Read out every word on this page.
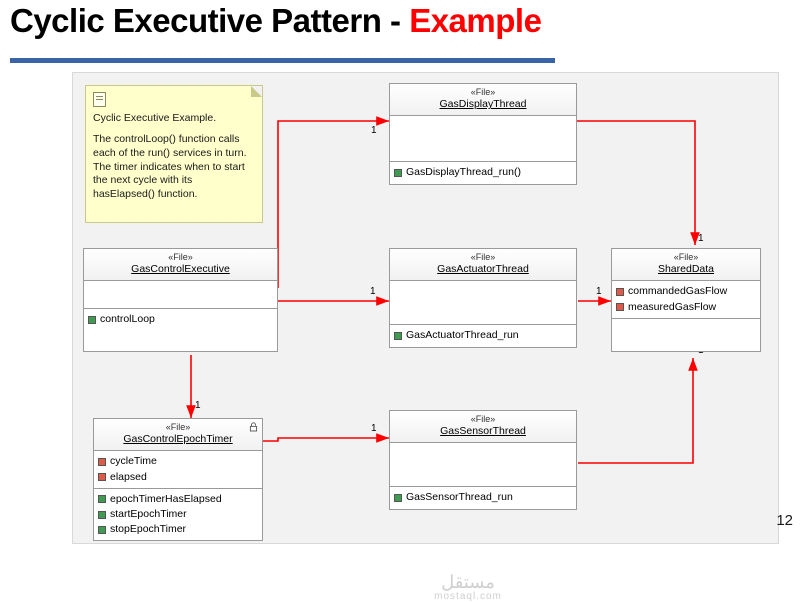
Cyclic Executive Pattern - Example
1
1
1
1
1
1

Cyclic Executive Example.

The controlLoop() function calls each of the run() services in turn. The timer indicates when to start the next cycle with its hasElapsed() function.

«File»
GasControlExecutive
controlLoop
«File»
GasDisplayThread
GasDisplayThread_run()
«File»
GasActuatorThread
GasActuatorThread_run
«File»
GasSensorThread
GasSensorThread_run
«File»
SharedData
commandedGasFlow
measuredGasFlow
«File»
GasControlEpochTimer
cycleTime
elapsed
epochTimerHasElapsed
startEpochTimer
stopEpochTimer
مستقل
mostaql.com
12
